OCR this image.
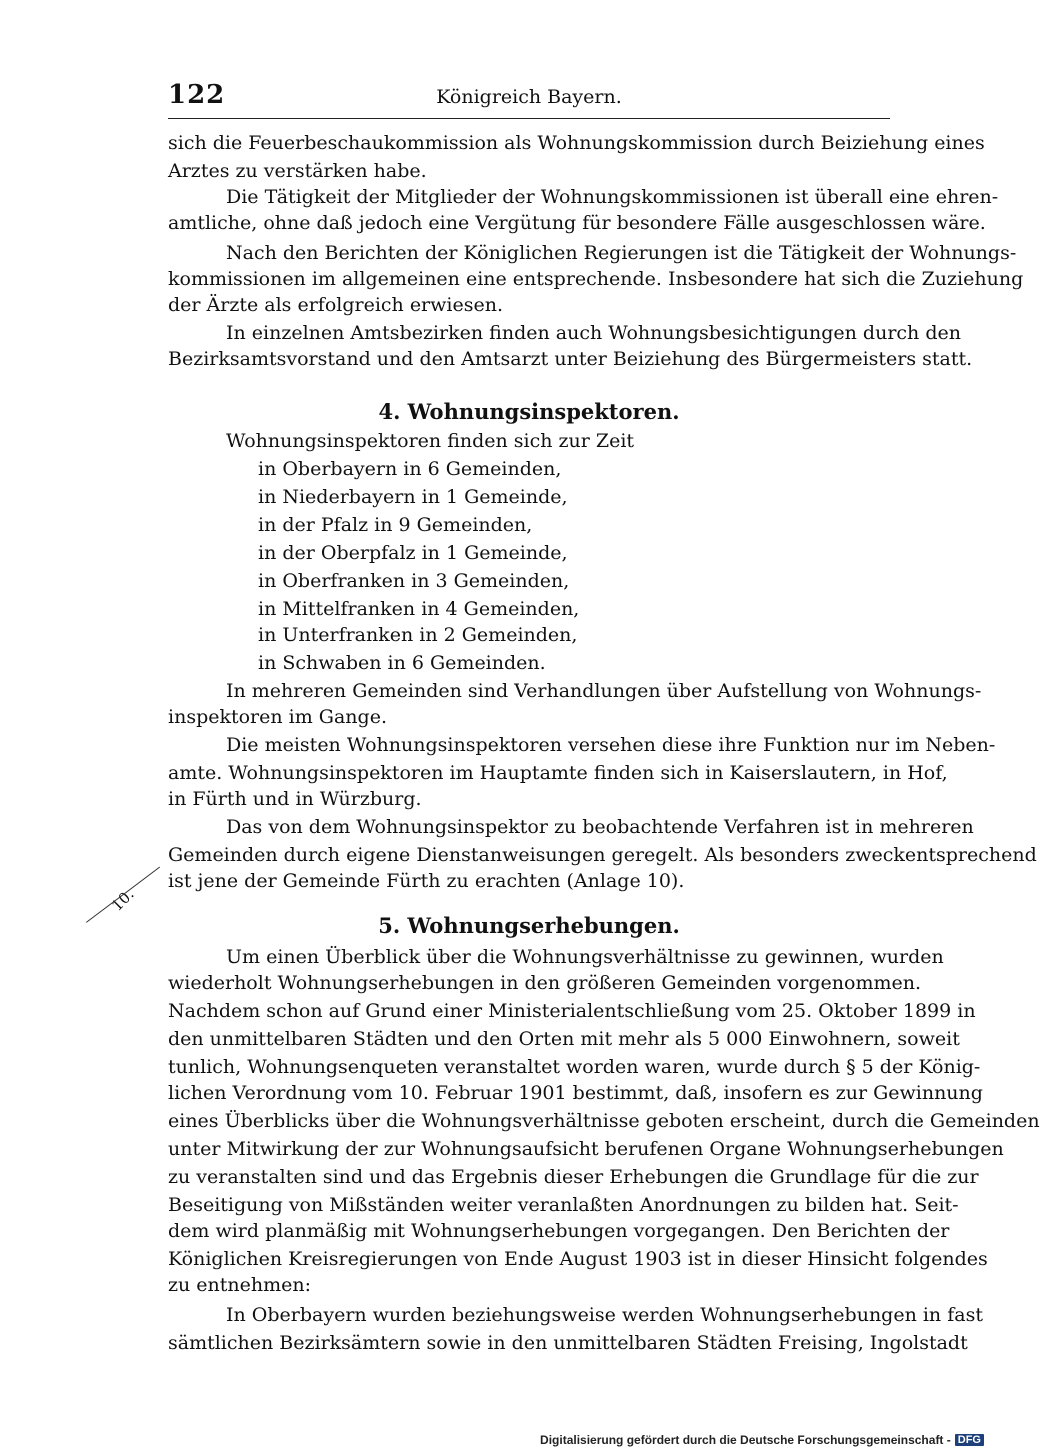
122	Königreich Bayern.
sich die Feuerbeschaukommission als Wohnungskommission durch Beiziehung eines
Arztes zu verstärken habe.
Die Tätigkeit der Mitglieder der Wohnungskommissionen ist überall eine ehren-
amtliche, ohne daß jedoch eine Vergütung für besondere Fälle ausgeschlossen wäre.
Nach den Berichten der Königlichen Regierungen ist die Tätigkeit der Wohnungs-
kommissionen im allgemeinen eine entsprechende. Insbesondere hat sich die Zuziehung
der Ärzte als erfolgreich erwiesen.
In einzelnen Amtsbezirken finden auch Wohnungsbesichtigungen durch den
Bezirksamtsvorstand und den Amtsarzt unter Beiziehung des Bürgermeisters statt.
4. Wohnungsinspektoren.
Wohnungsinspektoren finden sich zur Zeit
in Oberbayern in 6 Gemeinden,
in Niederbayern in 1 Gemeinde,
in der Pfalz in 9 Gemeinden,
in der Oberpfalz in 1 Gemeinde,
in Oberfranken in 3 Gemeinden,
in Mittelfranken in 4 Gemeinden,
in Unterfranken in 2 Gemeinden,
in Schwaben in 6 Gemeinden.
In mehreren Gemeinden sind Verhandlungen über Aufstellung von Wohnungs-
inspektoren im Gange.
Die meisten Wohnungsinspektoren versehen diese ihre Funktion nur im Neben-
amte. Wohnungsinspektoren im Hauptamte finden sich in Kaiserslautern, in Hof,
in Fürth und in Würzburg.
Das von dem Wohnungsinspektor zu beobachtende Verfahren ist in mehreren
Gemeinden durch eigene Dienstanweisungen geregelt. Als besonders zweckentsprechend
ist jene der Gemeinde Fürth zu erachten (Anlage 10).
10.
5. Wohnungserhebungen.
Um einen Überblick über die Wohnungsverhältnisse zu gewinnen, wurden
wiederholt Wohnungserhebungen in den größeren Gemeinden vorgenommen.
Nachdem schon auf Grund einer Ministerialentschließung vom 25. Oktober 1899 in
den unmittelbaren Städten und den Orten mit mehr als 5 000 Einwohnern, soweit
tunlich, Wohnungsenqueten veranstaltet worden waren, wurde durch § 5 der König-
lichen Verordnung vom 10. Februar 1901 bestimmt, daß, insofern es zur Gewinnung
eines Überblicks über die Wohnungsverhältnisse geboten erscheint, durch die Gemeinden
unter Mitwirkung der zur Wohnungsaufsicht berufenen Organe Wohnungserhebungen
zu veranstalten sind und das Ergebnis dieser Erhebungen die Grundlage für die zur
Beseitigung von Mißständen weiter veranlaßten Anordnungen zu bilden hat. Seit-
dem wird planmäßig mit Wohnungserhebungen vorgegangen. Den Berichten der
Königlichen Kreisregierungen von Ende August 1903 ist in dieser Hinsicht folgendes
zu entnehmen:
In Oberbayern wurden beziehungsweise werden Wohnungserhebungen in fast
sämtlichen Bezirksämtern sowie in den unmittelbaren Städten Freising, Ingolstadt
Digitalisierung gefördert durch die Deutsche Forschungsgemeinschaft - DFG
